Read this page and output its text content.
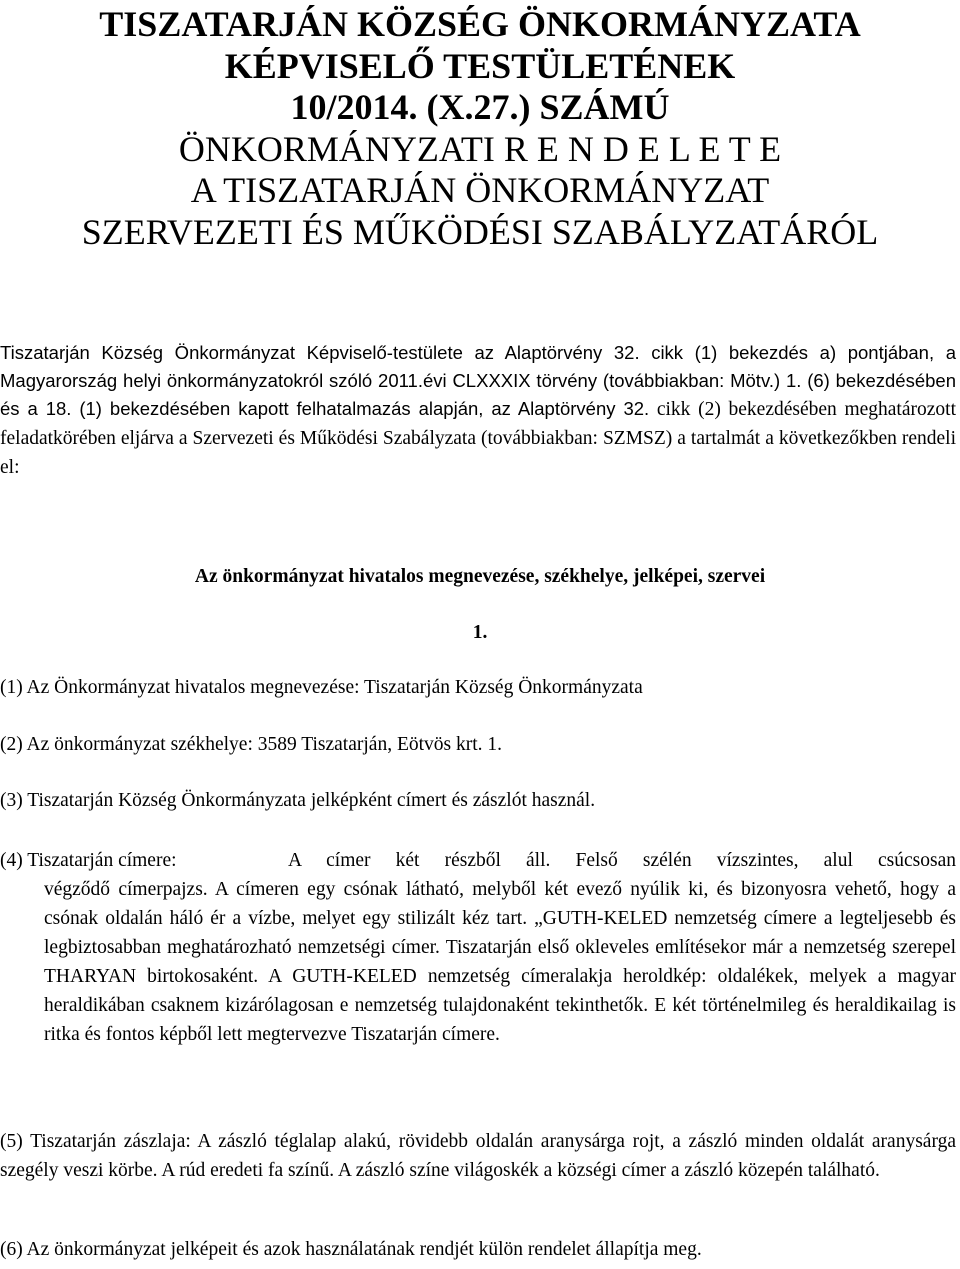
TISZATARJÁN KÖZSÉG ÖNKORMÁNYZATA
KÉPVISELŐ TESTÜLETÉNEK
10/2014. (X.27.) SZÁMÚ
ÖNKORMÁNYZATI R E N D E L E T E
A TISZATARJÁN ÖNKORMÁNYZAT
SZERVEZETI ÉS MŰKÖDÉSI SZABÁLYZATÁRÓL
Tiszatarján Község Önkormányzat Képviselő-testülete az Alaptörvény 32. cikk (1) bekezdés a) pontjában, a Magyarország helyi önkormányzatokról szóló 2011.évi CLXXXIX törvény (továbbiakban: Mötv.) 1. (6) bekezdésében és a 18. (1) bekezdésében kapott felhatalmazás alapján, az Alaptörvény 32. cikk (2) bekezdésében meghatározott feladatkörében eljárva a Szervezeti és Működési Szabályzata (továbbiakban: SZMSZ) a tartalmát a következőkben rendeli el:
Az önkormányzat hivatalos megnevezése, székhelye, jelképei, szervei
1.
(1) Az Önkormányzat hivatalos megnevezése: Tiszatarján Község Önkormányzata
(2) Az önkormányzat székhelye: 3589 Tiszatarján, Eötvös krt. 1.
(3) Tiszatarján Község Önkormányzata jelképként címert és zászlót használ.
(4) Tiszatarján címere:	A címer két részből áll. Felső szélén vízszintes, alul csúcsosan
végződő címerpajzs. A címeren egy csónak látható, melyből két evező nyúlik ki, és bizonyosra vehető, hogy a csónak oldalán háló ér a vízbe, melyet egy stilizált kéz tart. „GUTH-KELED nemzetség címere a legteljesebb és legbiztosabban meghatározható nemzetségi címer. Tiszatarján első okleveles említésekor már a nemzetség szerepel THARYAN birtokosaként. A GUTH-KELED nemzetség címeralakja heroldkép: oldalékek, melyek a magyar heraldikában csaknem kizárólagosan e nemzetség tulajdonaként tekinthetők. E két történelmileg és heraldikailag is ritka és fontos képből lett megtervezve Tiszatarján címere.
(5) Tiszatarján zászlaja: A zászló téglalap alakú, rövidebb oldalán aranysárga rojt, a zászló minden oldalát aranysárga szegély veszi körbe. A rúd eredeti fa színű. A zászló színe világoskék a községi címer a zászló közepén található.
(6) Az önkormányzat jelképeit és azok használatának rendjét külön rendelet állapítja meg.
